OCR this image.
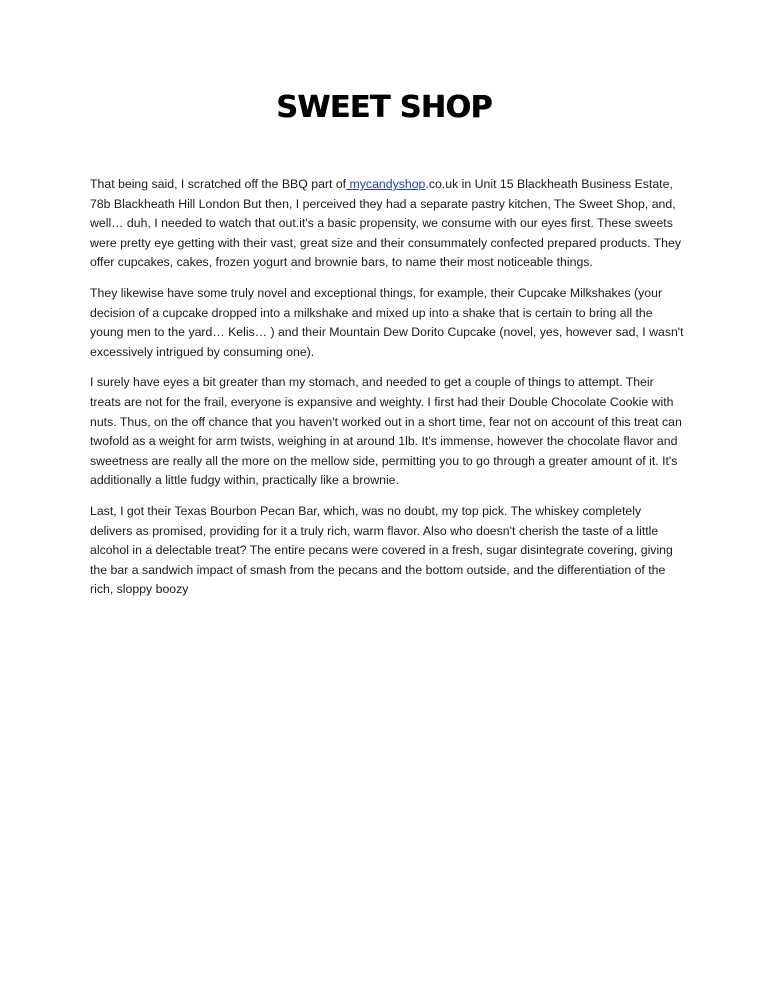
SWEET SHOP

That being said, I scratched off the BBQ part of mycandyshop.co.uk in Unit 15 Blackheath Business Estate, 78b Blackheath Hill London But then, I perceived they had a separate pastry kitchen, The Sweet Shop, and, well… duh, I needed to watch that out.it's a basic propensity, we consume with our eyes first. These sweets were pretty eye getting with their vast, great size and their consummately confected prepared products. They offer cupcakes, cakes, frozen yogurt and brownie bars, to name their most noticeable things.

They likewise have some truly novel and exceptional things, for example, their Cupcake Milkshakes (your decision of a cupcake dropped into a milkshake and mixed up into a shake that is certain to bring all the young men to the yard… Kelis… ) and their Mountain Dew Dorito Cupcake (novel, yes, however sad, I wasn't excessively intrigued by consuming one).

I surely have eyes a bit greater than my stomach, and needed to get a couple of things to attempt. Their treats are not for the frail, everyone is expansive and weighty. I first had their Double Chocolate Cookie with nuts. Thus, on the off chance that you haven't worked out in a short time, fear not on account of this treat can twofold as a weight for arm twists, weighing in at around 1lb. It's immense, however the chocolate flavor and sweetness are really all the more on the mellow side, permitting you to go through a greater amount of it. It's additionally a little fudgy within, practically like a brownie.

Last, I got their Texas Bourbon Pecan Bar, which, was no doubt, my top pick. The whiskey completely delivers as promised, providing for it a truly rich, warm flavor. Also who doesn't cherish the taste of a little alcohol in a delectable treat? The entire pecans were covered in a fresh, sugar disintegrate covering, giving the bar a sandwich impact of smash from the pecans and the bottom outside, and the differentiation of the rich, sloppy boozy
